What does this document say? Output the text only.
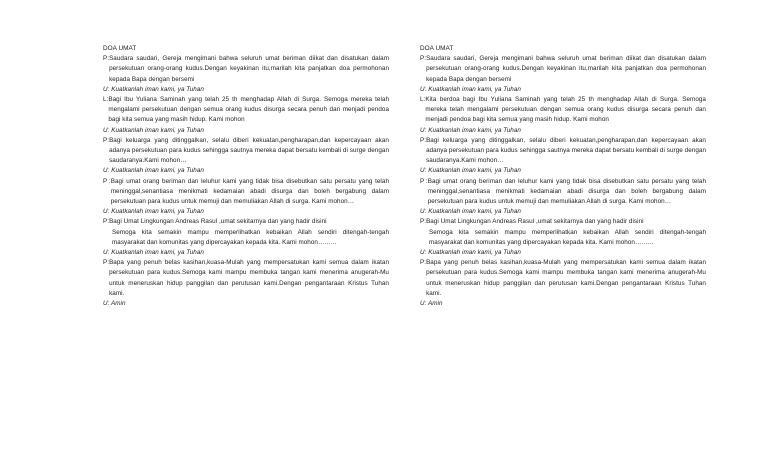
DOA UMAT

P: Saudara saudari, Gereja mengimani bahwa seluruh umat beriman diikat dan disatukan dalam persekutuan orang-orang kudus.Dengan keyakinan itu,marilah kita panjatkan doa permohonan kepada Bapa dengan bersemi

U: Kuatkanlah iman kami, ya Tuhan

L: Bagi Ibu Yuliana Saminah yang telah 25 th menghadap Allah di Surga. Semoga mereka telah mengalami persekutuan dengan semua orang kudus disurga secara penuh dan menjadi pendoa bagi kita semua yang masih hidup. Kami mohon

U: Kuatkanlah iman kami, ya Tuhan

P: Bagi keluarga yang ditinggalkan, selalu diberi kekuatan,pengharapan,dan kepercayaan akan adanya persekutuan para kudus sehingga sautnya mereka dapat bersatu kembali di surge dengan saudaranya.Kami mohon…

U: Kuatkanlah iman kami, ya Tuhan

P : Bagi umat orang beriman dan leluhur kami yang tidak bisa disebutkan satu persatu yang telah meninggal,senantiasa menikmati kedamaian abadi disurga dan boleh bergabung dalam persekutuan para kudus untuk memuji dan memuliakan Allah di surga. Kami mohon…

U: Kuatkanlah iman kami, ya Tuhan

P: Bagi Umat Lingkungan Andreas Rasul ,umat sekitarnya dan yang hadir disini
Semoga kita semakin mampu memperlihatkan kebaikan Allah sendiri ditengah-tengah masyarakat dan komunitas yang dipercayakan kepada kita. Kami mohon………

U: Kuatkanlah iman kami, ya Tuhan

P: Bapa yang penuh belas kasihan,kuasa-Mulah yang mempersatukan kami semua dalam ikatan persekutuan para kudus.Semoga kami mampu membuka tangan kami menerima anugerah-Mu untuk meneruskan hidup panggilan dan perutusan kami.Dengan pengantaraan Kristus Tuhan kami.

U: Amin

DOA UMAT

P: Saudara saudari, Gereja mengimani bahwa seluruh umat beriman diikat dan disatukan dalam persekutuan orang-orang kudus.Dengan keyakinan itu,marilah kita panjatkan doa permohonan kepada Bapa dengan bersemi

U: Kuatkanlah iman kami, ya Tuhan

L: Kita berdoa bagi Ibu Yuliana Saminah yang telah 25 th menghadap Allah di Surga. Semoga mereka telah mengalami persekutuan dengan semua orang kudus disurga secara penuh dan menjadi pendoa bagi kita semua yang masih hidup. Kami mohon

U: Kuatkanlah iman kami, ya Tuhan

P: Bagi keluarga yang ditinggalkan, selalu diberi kekuatan,pengharapan,dan kepercayaan akan adanya persekutuan para kudus sehingga sautnya mereka dapat bersatu kembali di surge dengan saudaranya.Kami mohon…

U: Kuatkanlah iman kami, ya Tuhan

P : Bagi umat orang beriman dan leluhur kami yang tidak bisa disebutkan satu persatu yang telah meninggal,senantiasa menikmati kedamaian abadi disurga dan boleh bergabung dalam persekutuan para kudus untuk memuji dan memuliakan Allah di surga. Kami mohon…

U: Kuatkanlah iman kami, ya Tuhan

P: Bagi Umat Lingkungan Andreas Rasul ,umat sekitarnya dan yang hadir disini
Semoga kita semakin mampu memperlihatkan kebaikan Allah sendiri ditengah-tengah masyarakat dan komunitas yang dipercayakan kepada kita. Kami mohon………

U: Kuatkanlah iman kami, ya Tuhan

P: Bapa yang penuh belas kasihan,kuasa-Mulah yang mempersatukan kami semua dalam ikatan persekutuan para kudus.Semoga kami mampu membuka tangan kami menerima anugerah-Mu untuk meneruskan hidup panggilan dan perutusan kami.Dengan pengantaraan Kristus Tuhan kami.

U: Amin
